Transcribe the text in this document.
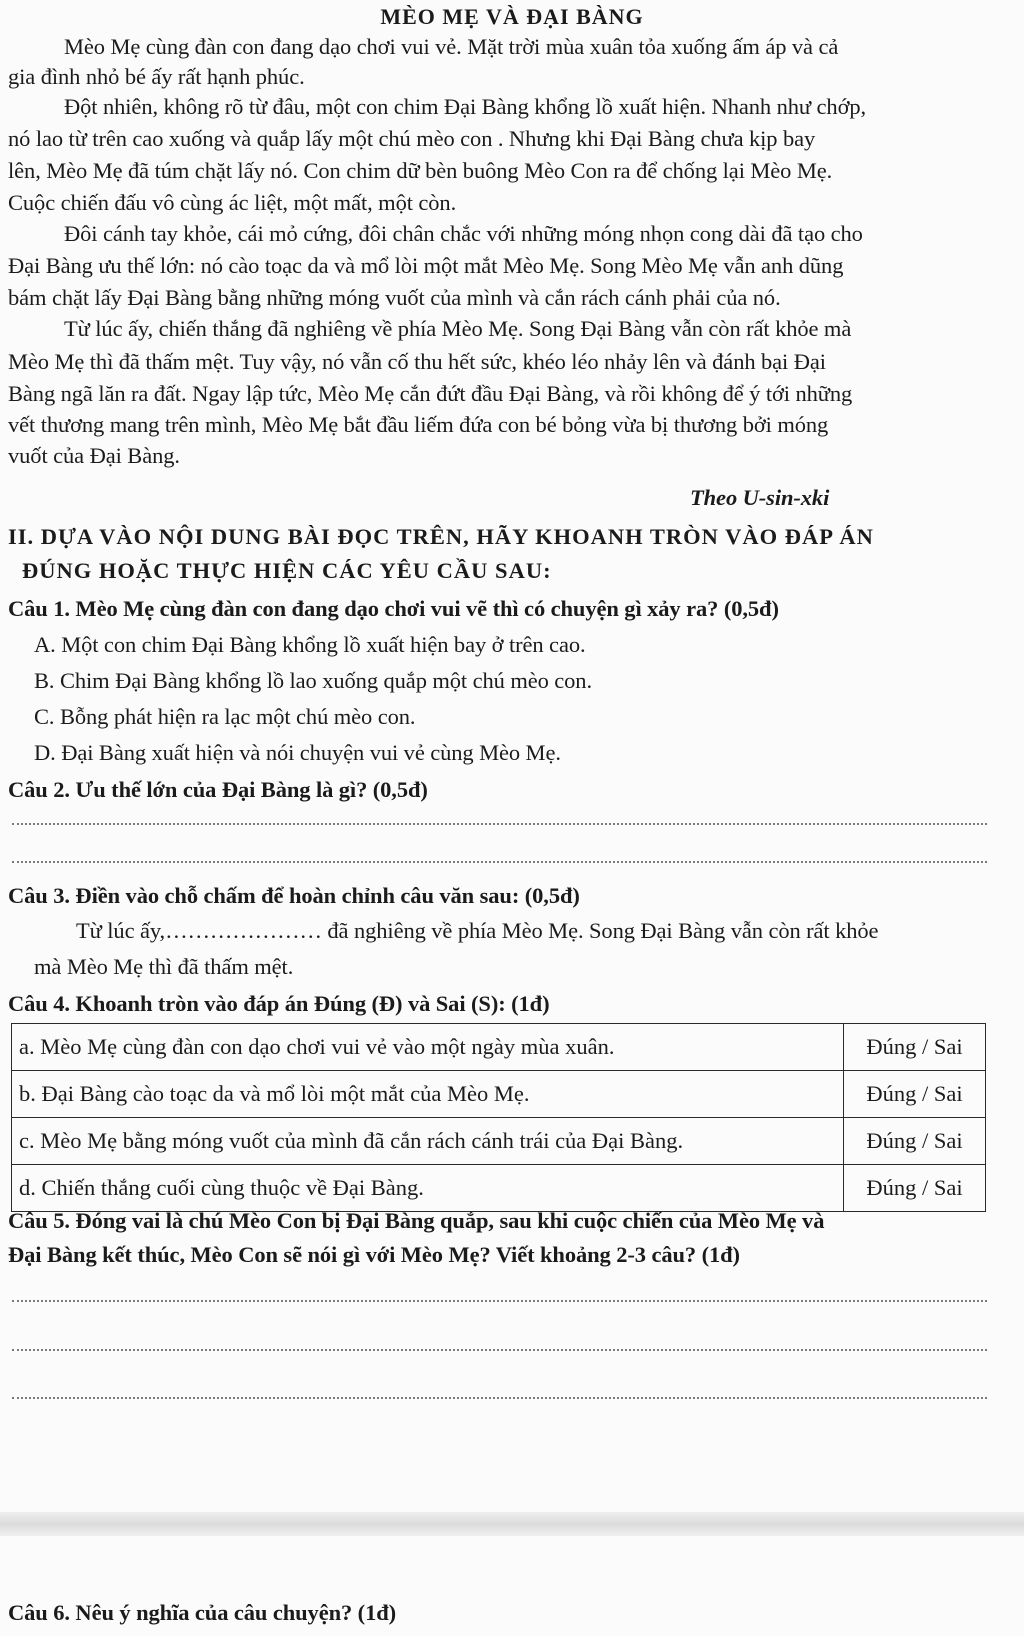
MÈO MẸ VÀ ĐẠI BÀNG
Mèo Mẹ cùng đàn con đang dạo chơi vui vẻ. Mặt trời mùa xuân tỏa xuống ấm áp và cả
gia đình nhỏ bé ấy rất hạnh phúc.
Đột nhiên, không rõ từ đâu, một con chim Đại Bàng khổng lồ xuất hiện. Nhanh như chớp,
nó lao từ trên cao xuống và quắp lấy một chú mèo con . Nhưng khi Đại Bàng chưa kịp bay
lên, Mèo Mẹ đã túm chặt lấy nó. Con chim dữ bèn buông Mèo Con ra để chống lại Mèo Mẹ.
Cuộc chiến đấu vô cùng ác liệt, một mất, một còn.
Đôi cánh tay khỏe, cái mỏ cứng, đôi chân chắc với những móng nhọn cong dài đã tạo cho
Đại Bàng ưu thế lớn: nó cào toạc da và mổ lòi một mắt Mèo Mẹ. Song Mèo Mẹ vẫn anh dũng
bám chặt lấy Đại Bàng bằng những móng vuốt của mình và cắn rách cánh phải của nó.
Từ lúc ấy, chiến thắng đã nghiêng về phía Mèo Mẹ. Song Đại Bàng vẫn còn rất khỏe mà
Mèo Mẹ thì đã thấm mệt. Tuy vậy, nó vẫn cố thu hết sức, khéo léo nhảy lên và đánh bại Đại
Bàng ngã lăn ra đất. Ngay lập tức, Mèo Mẹ cắn đứt đầu Đại Bàng, và rồi không để ý tới những
vết thương mang trên mình, Mèo Mẹ bắt đầu liếm đứa con bé bỏng vừa bị thương bởi móng
vuốt của Đại Bàng.
Theo U-sin-xki
II. DỰA VÀO NỘI DUNG BÀI ĐỌC TRÊN, HÃY KHOANH TRÒN VÀO ĐÁP ÁN
ĐÚNG HOẶC THỰC HIỆN CÁC YÊU CẦU SAU:
Câu 1. Mèo Mẹ cùng đàn con đang dạo chơi vui vẽ thì có chuyện gì xảy ra? (0,5đ)
A. Một con chim Đại Bàng khổng lồ xuất hiện bay ở trên cao.
B. Chim Đại Bàng khổng lồ lao xuống quắp một chú mèo con.
C. Bỗng phát hiện ra lạc một chú mèo con.
D. Đại Bàng xuất hiện và nói chuyện vui vẻ cùng Mèo Mẹ.
Câu 2. Ưu thế lớn của Đại Bàng là gì? (0,5đ)
Câu 3. Điền vào chỗ chấm để hoàn chỉnh câu văn sau: (0,5đ)
Từ lúc ấy,………………… đã nghiêng về phía Mèo Mẹ. Song Đại Bàng vẫn còn rất khỏe
mà Mèo Mẹ thì đã thấm mệt.
Câu 4. Khoanh tròn vào đáp án Đúng (Đ) và Sai (S): (1đ)
a. Mèo Mẹ cùng đàn con dạo chơi vui vẻ vào một ngày mùa xuân.	Đúng / Sai
b. Đại Bàng cào toạc da và mổ lòi một mắt của Mèo Mẹ.	Đúng / Sai
c. Mèo Mẹ bằng móng vuốt của mình đã cắn rách cánh trái của Đại Bàng.	Đúng / Sai
d. Chiến thắng cuối cùng thuộc về Đại Bàng.	Đúng / Sai
Câu 5. Đóng vai là chú Mèo Con bị Đại Bàng quắp, sau khi cuộc chiến của Mèo Mẹ và
Đại Bàng kết thúc, Mèo Con sẽ nói gì với Mèo Mẹ? Viết khoảng 2-3 câu? (1đ)
Câu 6. Nêu ý nghĩa của câu chuyện? (1đ)
